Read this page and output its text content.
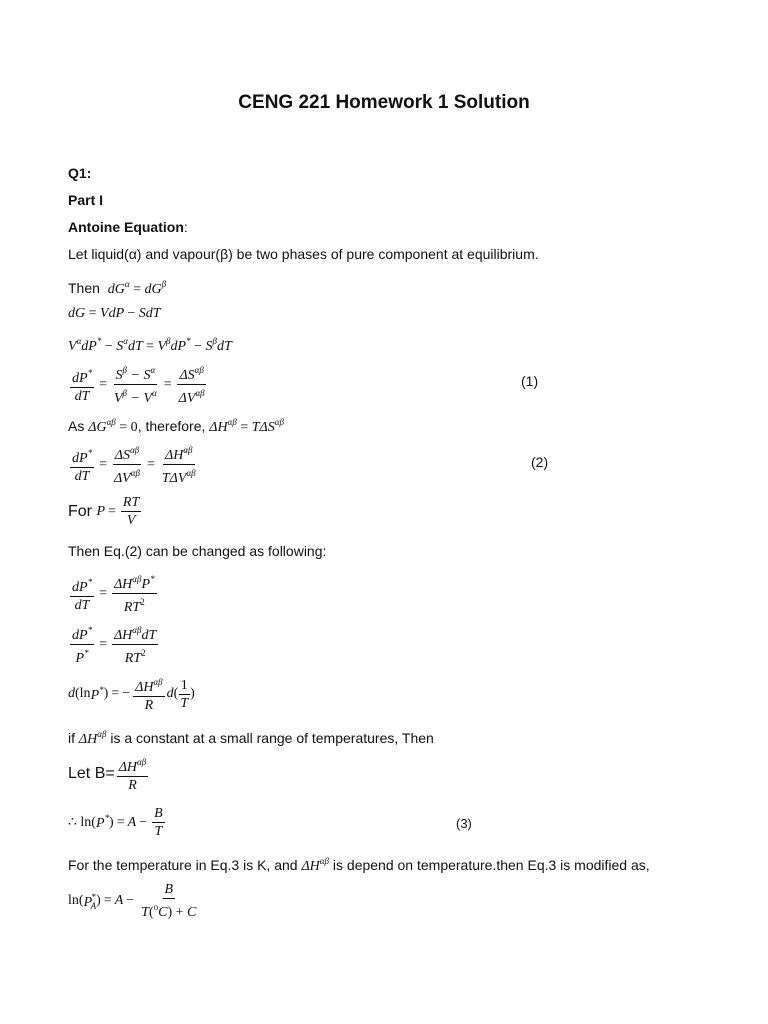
CENG 221 Homework 1 Solution
Q1:
Part I
Antoine Equation:
Let liquid(α) and vapour(β) be two phases of pure component at equilibrium.
Then $dG^\alpha = dG^\beta$
dG = VdP − SdT
$V^\alpha dP^* - S^\alpha dT = V^\beta dP^* - S^\beta dT$
$\frac{dP^*}{dT} = \frac{S^\beta - S^\alpha}{V^\beta - V^\alpha} = \frac{\Delta S^{\alpha\beta}}{\Delta V^{\alpha\beta}}$	(1)
As $\Delta G^{\alpha\beta} = 0$, therefore, $\Delta H^{\alpha\beta} = T\Delta S^{\alpha\beta}$
$\frac{dP^*}{dT} = \frac{\Delta S^{\alpha\beta}}{\Delta V^{\alpha\beta}} = \frac{\Delta H^{\alpha\beta}}{T\Delta V^{\alpha\beta}}$	(2)
For
$P = \frac{RT}{V}$
Then Eq.(2) can be changed as following:
$\frac{dP^*}{dT} = \frac{\Delta H^{\alpha\beta}P^*}{RT^2}$
$\frac{dP^*}{P^*} = \frac{\Delta H^{\alpha\beta}dT}{RT^2}$
d (ln P* ) = − $\frac{\Delta H^{\alpha\beta}}{R}$ d ( $\frac{1}{T}$ )
if $\Delta H^{\alpha\beta}$ is a constant at a small range of temperatures, Then
Let $B= \frac{\Delta H^{\alpha\beta}}{R}$
∴ ln( P* ) = $A - \frac{B}{T}$	(3)
For the temperature in Eq.3 is K, and $\Delta H^{\alpha\beta}$ is depend on temperature.then Eq.3 is modified as,
ln( $P^*_A$ ) = $A - \frac{B}{T(^oC) + C}$
